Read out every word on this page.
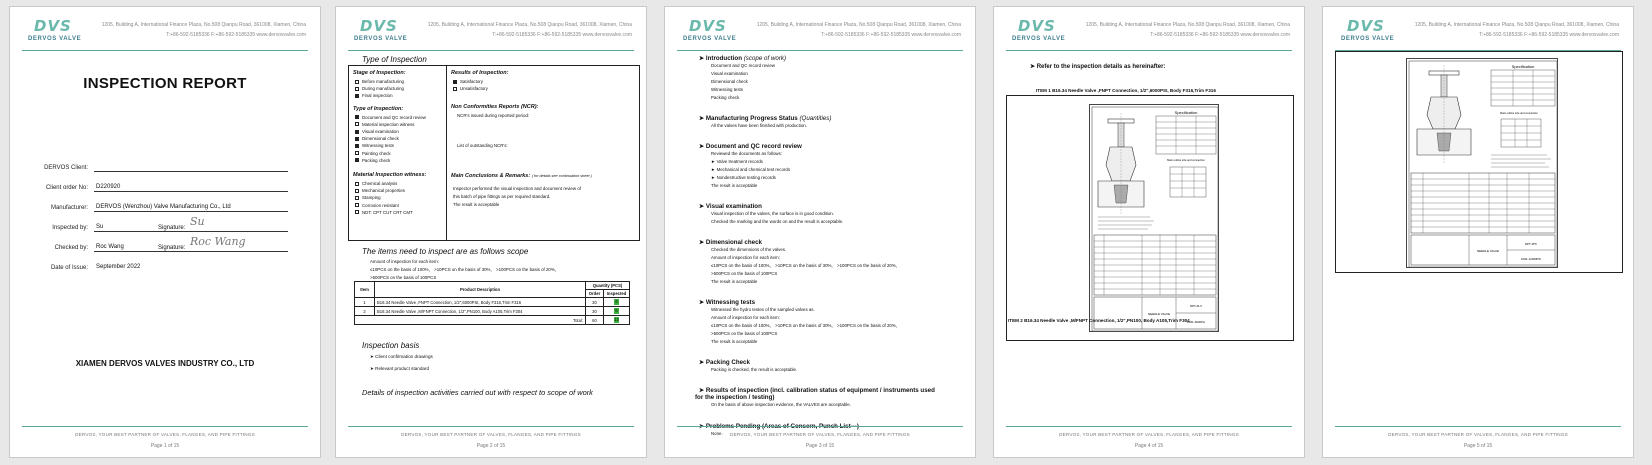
DVS
DERVOS VALVE
1205, Building A, International Finance Plaza, No.508 Qianpu Road, 361008, Xiamen, China
T:+86-592-5185336 F:+86-592-5185335 www.dervosvalve.com
INSPECTION REPORT
DERVOS Client:
Client order No:	D220920
Manufacturer:	DERVOS (Wenzhou) Valve Manufacturing Co., Ltd
Inspected by:	Su	Signature: Su
Checked by:	Roc Wang	Signature: Roc Wang
Date of Issue:	September 2022
XIAMEN DERVOS VALVES INDUSTRY CO., LTD
DERVOS, YOUR BEST PARTNER OF VALVES, FLANGES, AND PIPE FITTINGS
Page 1 of 15
DVS
DERVOS VALVE
1205, Building A, International Finance Plaza, No.508 Qianpu Road, 361008, Xiamen, China
T:+86-592-5185336 F:+86-592-5185335 www.dervosvalve.com
Type of Inspection
Stage of Inspection:
Before manufacturing
During manufacturing
Final inspection
Type of Inspection:
Document and QC record review
Material inspection witness
Visual examination
Dimensional check
Witnessing tests
Painting check
Packing check
Material Inspection witness:
Chemical analysis
Mechanical properties
Stamping
Corrosion resistant
NDT: CPT CUT CRT CMT
Results of Inspection:
Satisfactory
Unsatisfactory
Non Conformities Reports (NCR):
NCR's issued during reported period:
List of outstanding NCR's:
Main Conclusions & Remarks: ( for details see continuation sheet )
Inspector performed the visual inspection and document review of
this batch of pipe fittings as per required standard.
The result is acceptable
The items need to inspect are as follows scope
Amount of inspection for each item:
≤10PCS on the basis of 100%， >10PCS on the basis of 30%， >100PCS on the basis of 20%，
>500PCS on the basis of 100PCS
Item	Product Description	Quantity (PCS)	
		Order	Inspected
1	B16.34 Needle Valve ,FNPT Connection, 1/2",6000PSI, Body F316,Trim F316	30	6
2	B16.34 Needle Valve ,M/FNPT Connection, 1/2",PN100, Body A105,Trim F304	30	6
Total:		60	12
Inspection basis
➤ Client confirmation drawings
➤ Relevant product standard
Details of inspection activities carried out with respect to scope of work
DERVOS, YOUR BEST PARTNER OF VALVES, FLANGES, AND PIPE FITTINGS
Page 2 of 15
DVS
DERVOS VALVE
1205, Building A, International Finance Plaza, No.508 Qianpu Road, 361008, Xiamen, China
T:+86-592-5185336 F:+86-592-5185335 www.dervosvalve.com
➤ Introduction (scope of work)
Document and QC record review
Visual examination
Dimensional check
Witnessing tests
Packing check
➤ Manufacturing Progress Status (Quantities)
All the valves have been finished with production.
➤ Document and QC record review
Reviewed the documents as follows:
► Valve treatment records
► Mechanical and chemical test records
► Nondestructive testing records
The result is acceptable
➤ Visual examination
Visual inspection of the valves, the surface is in good condition.
Checked the marking and the words on and the result is acceptable.
➤ Dimensional check
Checked the dimensions of the valves.
Amount of inspection for each item:
≤10PCS on the basis of 100%， >10PCS on the basis of 30%， >100PCS on the basis of 20%，
>500PCS on the basis of 100PCS
The result is acceptable
➤ Witnessing tests
Witnessed the hydro testes of the sampled valves as.
Amount of inspection for each item:
≤10PCS on the basis of 100%， >10PCS on the basis of 30%， >100PCS on the basis of 20%，
>500PCS on the basis of 100PCS
The result is acceptable
➤ Packing Check
Packing is checked, the result is acceptable.
➤ Results of inspection (incl. calibration status of equipment / instruments used
for the inspection / testing)
On the basis of above inspection evidence, the VALVES are acceptable.
➤ Problems Pending (Areas of Concern, Punch List---)
None.	DERVOS, YOUR BEST PARTNER OF VALVES, FLANGES, AND PIPE FITTINGS
Page 3 of 15
DVS
DERVOS VALVE
1205, Building A, International Finance Plaza, No.508 Qianpu Road, 361008, Xiamen, China
T:+86-592-5185336 F:+86-592-5185335 www.dervosvalve.com
➤ Refer to the inspection details as hereinafter:
ITEM 1 B16.34 Needle Valve ,FNPT Connection, 1/2",6000PSI, Body F316,Trim F316
Specification
Main outline size and connection
NEEDLE VALVE
NPT-M-V
1000~6000Psi
ITEM 2 B16.34 Needle Valve ,M/FNPT Connection, 1/2",PN100, Body A105,Trim F304
DERVOS, YOUR BEST PARTNER OF VALVES, FLANGES, AND PIPE FITTINGS
Page 4 of 15
DVS
DERVOS VALVE
1205, Building A, International Finance Plaza, No.508 Qianpu Road, 361008, Xiamen, China
T:+86-592-5185336 F:+86-592-5185335 www.dervosvalve.com
Specification
Main outline size and connection
NEEDLE VALVE
NPT M*F
1000~10000PSI
DERVOS, YOUR BEST PARTNER OF VALVES, FLANGES, AND PIPE FITTINGS
Page 5 of 15
